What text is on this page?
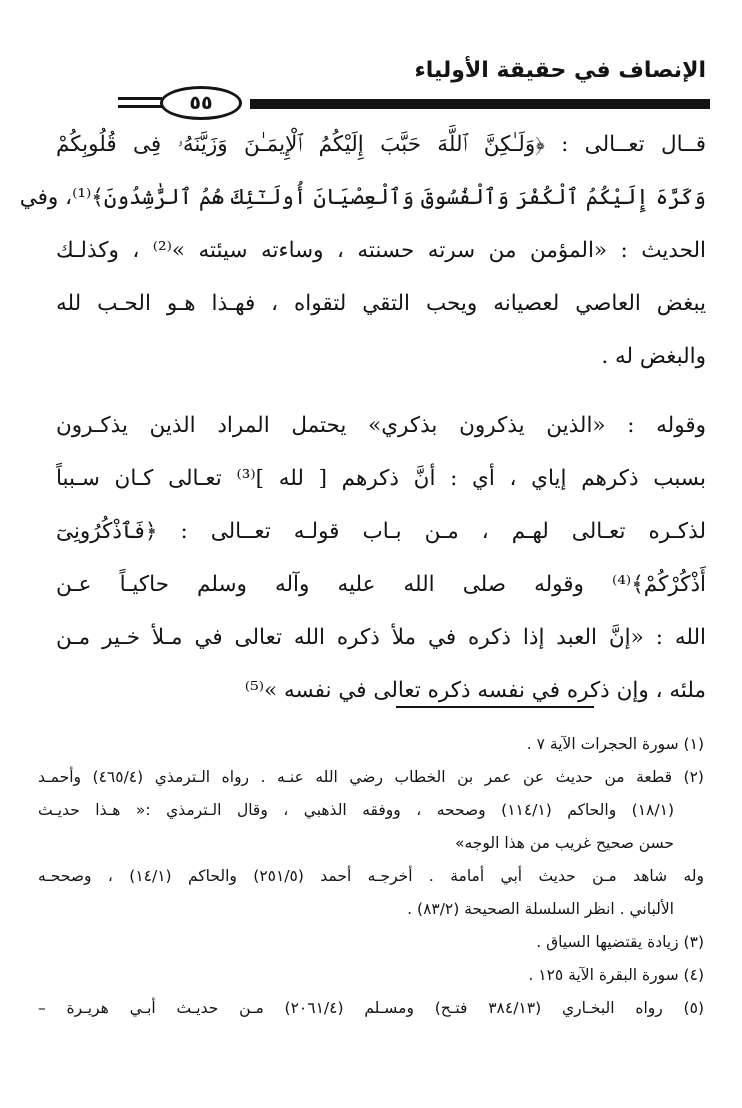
الإنصاف في حقيقة الأولياء
٥٥

قــال تعــالى : ﴿وَلَـٰكِنَّ ٱللَّهَ حَبَّبَ إِلَيْكُمُ ٱلْإِيمَـٰنَ وَزَيَّنَهُۥ فِى قُلُوبِكُمْ
وَكَرَّهَ إِلَيْكُمُ ٱلْكُفْرَ وَٱلْفُسُوقَ وَٱلْعِصْيَانَ أُولَـٰٓئِكَ هُمُ ٱلرَّٰشِدُونَ﴾⁽¹⁾، وفي
الحديث : «المؤمن من سرته حسنته ، وساءته سيئته »⁽²⁾ ، وكذلـك
يبغض العاصي لعصيانه ويحب التقي لتقواه ، فهـذا هـو الحـب لله
والبغض له .

وقوله : «الذين يذكرون بذكري» يحتمل المراد الذين يذكـرون
بسبب ذكرهم إياي ، أي : أنَّ ذكرهم [ لله ]⁽³⁾ تعـالى كـان سـبباً
لذكـره تعـالى لهـم ، مـن بـاب قولـه تعــالى : ﴿فَٱذْكُرُونِىٓ
أَذْكُرْكُمْ﴾⁽⁴⁾ وقوله صلى الله عليه وآله وسلم حاكيـاً عـن
الله : «إنَّ العبد إذا ذكره في ملأ ذكره الله تعالى في مـلأ خـير مـن
ملئه ، وإن ذكره في نفسه ذكره تعالى في نفسه »⁽⁵⁾

(١) سورة الحجرات الآية ٧ .
(٢) قطعة من حديث عن عمر بن الخطاب رضي الله عنـه . رواه الـترمذي (٤٦٥/٤) وأحمـد
(١٨/١) والحاكم (١١٤/١) وصححه ، ووفقه الذهبي ، وقال الـترمذي :« هـذا حديـث
حسن صحيح غريب من هذا الوجه»
وله شاهد مـن حديث أبي أمامة . أخرجـه أحمد (٢٥١/٥) والحاكم (١٤/١) ، وصححـه
الألباني . انظر السلسلة الصحيحة (٨٣/٢) .
(٣) زيادة يقتضيها السياق .
(٤) سورة البقرة الآية ١٢٥ .
(٥) رواه البخـاري (٣٨٤/١٣ فتـح) ومسـلم (٢٠٦١/٤) مـن حديـث أبـي هريـرة –
